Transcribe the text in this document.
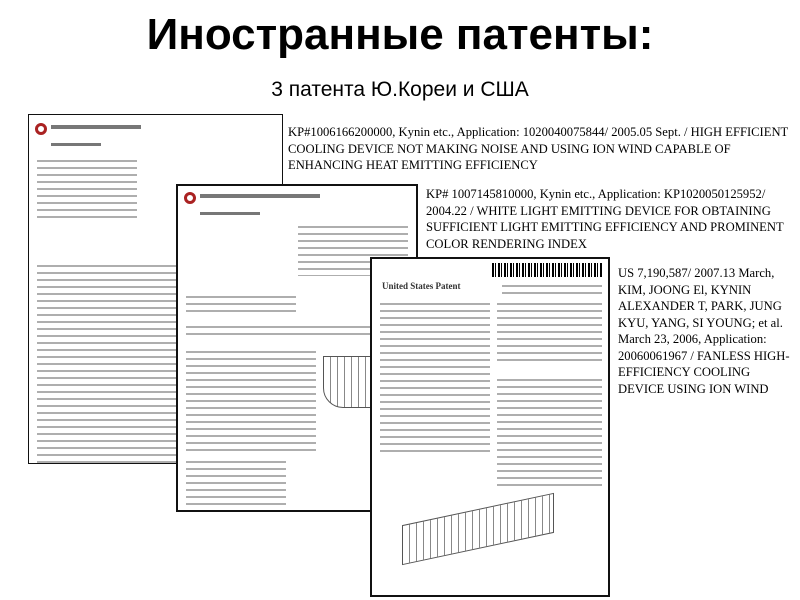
Иностранные патенты:
3 патента Ю.Кореи и США
United States Patent
KP#1006166200000, Kynin etc., Application: 1020040075844/ 2005.05 Sept. / HIGH EFFICIENT COOLING DEVICE NOT MAKING NOISE AND USING ION WIND CAPABLE OF ENHANCING HEAT EMITTING EFFICIENCY
KP# 1007145810000, Kynin etc., Application: KP1020050125952/ 2004.22 / WHITE LIGHT EMITTING DEVICE FOR OBTAINING SUFFICIENT LIGHT EMITTING EFFICIENCY AND PROMINENT COLOR RENDERING INDEX
US 7,190,587/ 2007.13 March, KIM, JOONG El, KYNIN ALEXANDER T, PARK, JUNG KYU, YANG, SI YOUNG; et al. March 23, 2006, Application: 20060061967 / FANLESS HIGH-EFFICIENCY COOLING DEVICE USING ION WIND
